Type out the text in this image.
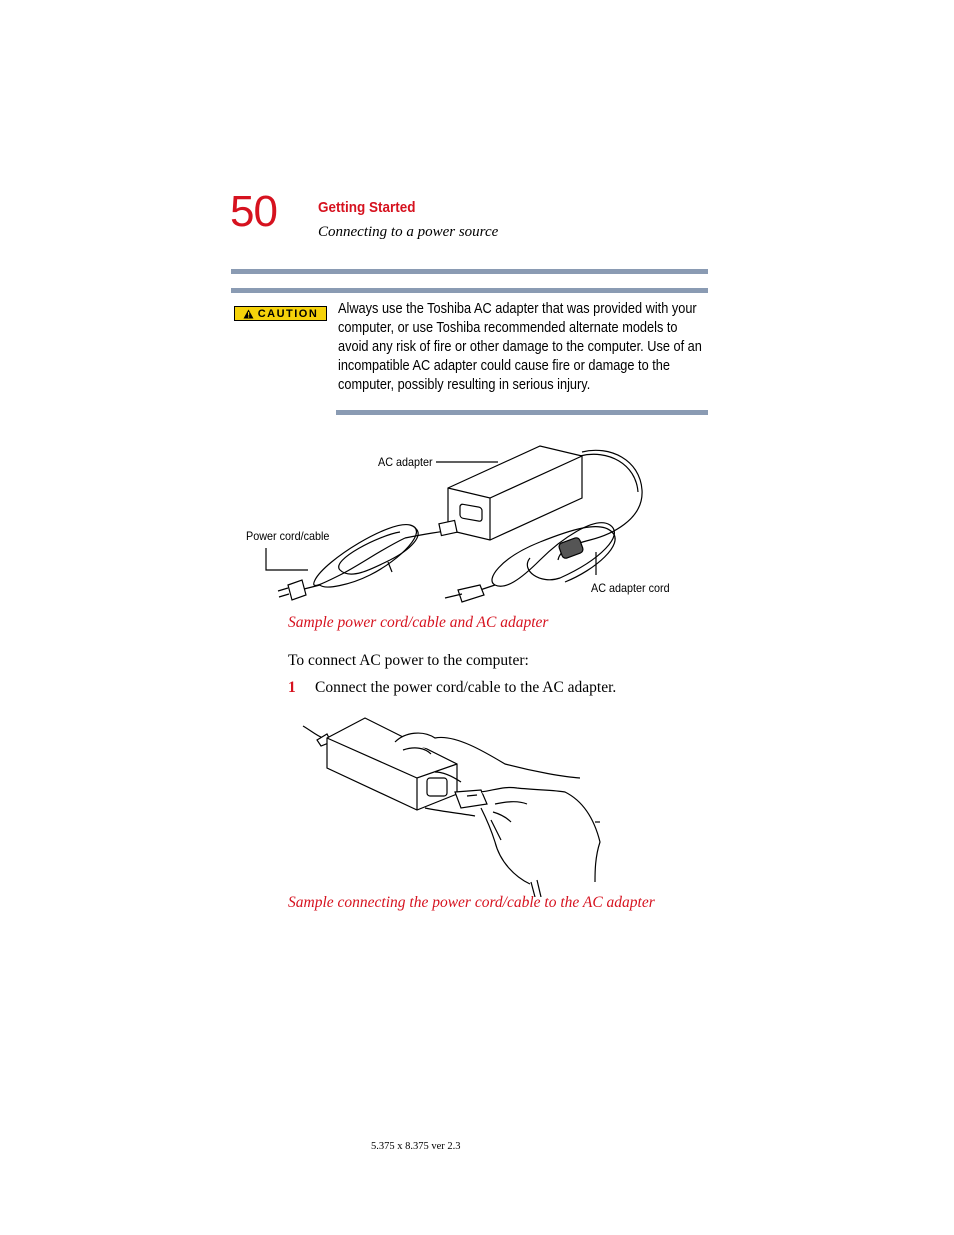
50	Getting Started
Connecting to a power source
CAUTION Always use the Toshiba AC adapter that was provided with your computer, or use Toshiba recommended alternate models to avoid any risk of fire or other damage to the computer. Use of an incompatible AC adapter could cause fire or damage to the computer, possibly resulting in serious injury.
AC adapter
Power cord/cable
AC adapter cord
Sample power cord/cable and AC adapter
To connect AC power to the computer:
1 Connect the power cord/cable to the AC adapter.
Sample connecting the power cord/cable to the AC adapter
5.375 x 8.375 ver 2.3
